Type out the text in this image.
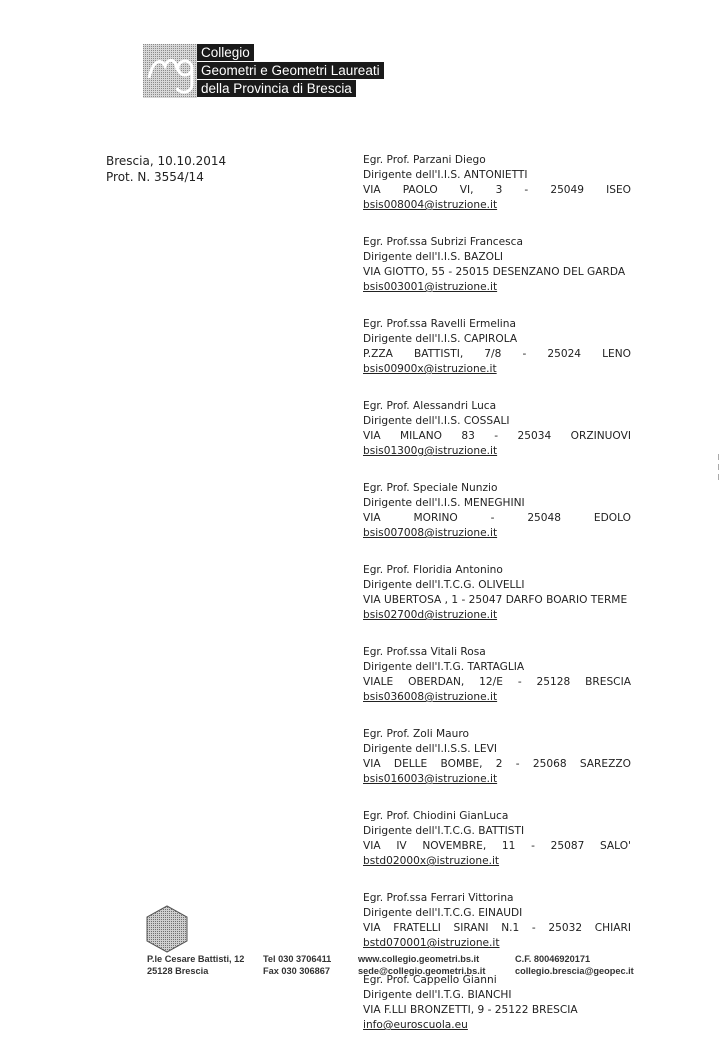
Collegio
Geometri e Geometri Laureati
della Provincia di Brescia
Brescia, 10.10.2014
Prot. N. 3554/14
Egr. Prof. Parzani Diego
Dirigente dell'I.I.S. ANTONIETTI
VIA PAOLO VI, 3 - 25049 ISEO
bsis008004@istruzione.it
Egr. Prof.ssa Subrizi Francesca
Dirigente dell'I.I.S. BAZOLI
VIA GIOTTO, 55 - 25015 DESENZANO DEL GARDA
bsis003001@istruzione.it
Egr. Prof.ssa Ravelli Ermelina
Dirigente dell'I.I.S. CAPIROLA
P.ZZA BATTISTI, 7/8 - 25024 LENO
bsis00900x@istruzione.it
Egr. Prof. Alessandri Luca
Dirigente dell'I.I.S. COSSALI
VIA MILANO 83 - 25034 ORZINUOVI
bsis01300g@istruzione.it
Egr. Prof. Speciale Nunzio
Dirigente dell'I.I.S. MENEGHINI
VIA	MORINO	-	25048	EDOLO
bsis007008@istruzione.it
Egr. Prof. Floridia Antonino
Dirigente dell'I.T.C.G. OLIVELLI
VIA UBERTOSA , 1 - 25047 DARFO BOARIO TERME
bsis02700d@istruzione.it
Egr. Prof.ssa Vitali Rosa
Dirigente dell'I.T.G. TARTAGLIA
VIALE OBERDAN, 12/E - 25128 BRESCIA
bsis036008@istruzione.it
Egr. Prof. Zoli Mauro
Dirigente dell'I.I.S.S. LEVI
VIA DELLE BOMBE, 2 - 25068 SAREZZO
bsis016003@istruzione.it
Egr. Prof. Chiodini GianLuca
Dirigente dell'I.T.C.G. BATTISTI
VIA IV NOVEMBRE, 11 - 25087 SALO'
bstd02000x@istruzione.it
Egr. Prof.ssa Ferrari Vittorina
Dirigente dell'I.T.C.G. EINAUDI
VIA FRATELLI SIRANI N.1 - 25032 CHIARI
bstd070001@istruzione.it
Egr. Prof. Cappello Gianni
Dirigente dell'I.T.G. BIANCHI
VIA F.LLI BRONZETTI, 9 - 25122 BRESCIA
info@euroscuola.eu
P.le Cesare Battisti, 12
25128 Brescia
Tel 030 3706411
Fax 030 306867
www.collegio.geometri.bs.it
sede@collegio.geometri.bs.it
C.F. 80046920171
collegio.brescia@geopec.it
